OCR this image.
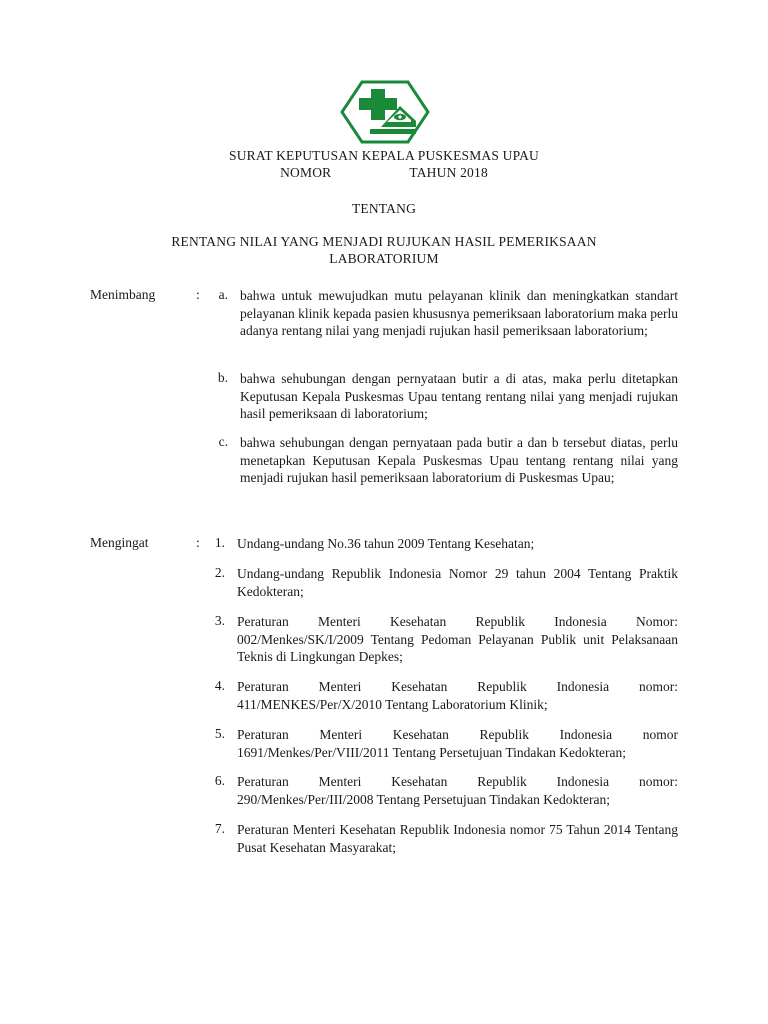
SURAT KEPUTUSAN KEPALA PUSKESMAS UPAU
NOMOR	TAHUN 2018
TENTANG
RENTANG NILAI YANG MENJADI RUJUKAN HASIL PEMERIKSAAN
LABORATORIUM
Menimbang	:	a. bahwa untuk mewujudkan mutu pelayanan klinik dan meningkatkan standart pelayanan klinik kepada pasien khususnya pemeriksaan laboratorium maka perlu adanya rentang nilai yang menjadi rujukan hasil pemeriksaan laboratorium;
b. bahwa sehubungan dengan pernyataan butir a di atas, maka perlu ditetapkan Keputusan Kepala Puskesmas Upau tentang rentang nilai yang menjadi rujukan hasil pemeriksaan di laboratorium;
c. bahwa sehubungan dengan pernyataan pada butir a dan b tersebut diatas, perlu menetapkan Keputusan Kepala Puskesmas Upau tentang rentang nilai yang menjadi rujukan hasil pemeriksaan laboratorium di Puskesmas Upau;
Mengingat	:	1. Undang-undang No.36 tahun 2009 Tentang Kesehatan;
2. Undang-undang Republik Indonesia Nomor 29 tahun 2004 Tentang Praktik Kedokteran;
3. Peraturan Menteri Kesehatan Republik Indonesia Nomor: 002/Menkes/SK/I/2009 Tentang Pedoman Pelayanan Publik unit Pelaksanaan Teknis di Lingkungan Depkes;
4. Peraturan Menteri Kesehatan Republik Indonesia nomor: 411/MENKES/Per/X/2010 Tentang Laboratorium Klinik;
5. Peraturan Menteri Kesehatan Republik Indonesia nomor 1691/Menkes/Per/VIII/2011 Tentang Persetujuan Tindakan Kedokteran;
6. Peraturan Menteri Kesehatan Republik Indonesia nomor: 290/Menkes/Per/III/2008 Tentang Persetujuan Tindakan Kedokteran;
7. Peraturan Menteri Kesehatan Republik Indonesia nomor 75 Tahun 2014 Tentang Pusat Kesehatan Masyarakat;
